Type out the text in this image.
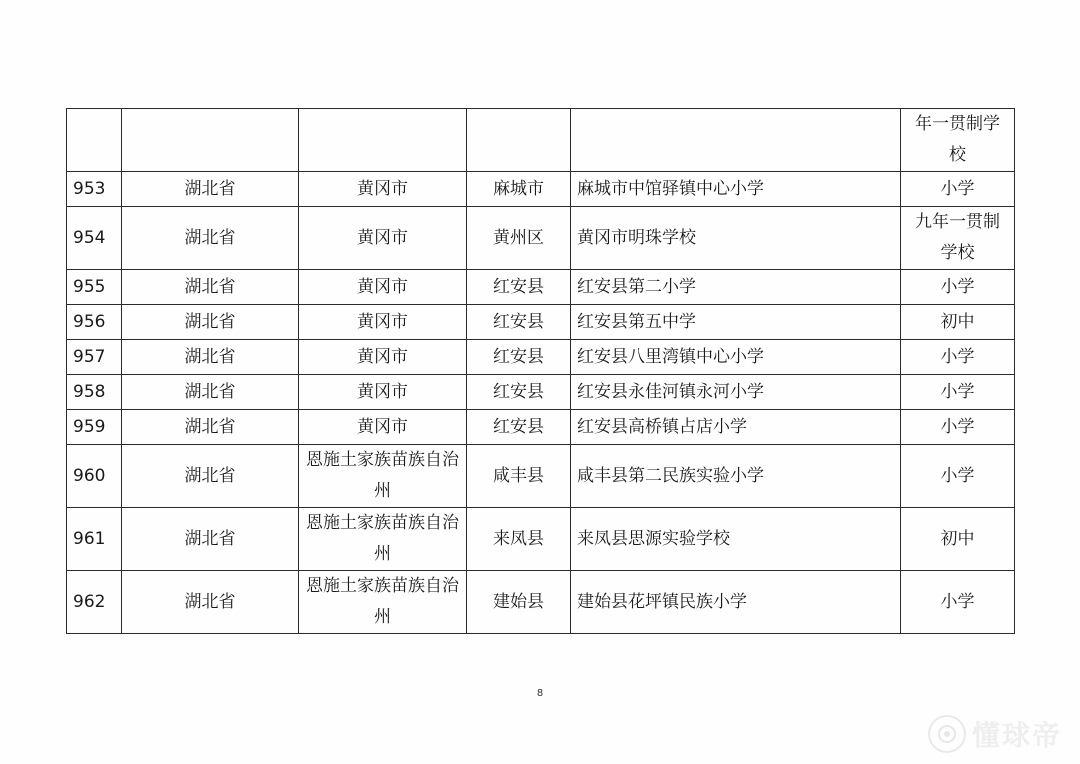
					年一贯制学校
953	湖北省	黄冈市	麻城市	麻城市中馆驿镇中心小学	小学
954	湖北省	黄冈市	黄州区	黄冈市明珠学校	九年一贯制学校
955	湖北省	黄冈市	红安县	红安县第二小学	小学
956	湖北省	黄冈市	红安县	红安县第五中学	初中
957	湖北省	黄冈市	红安县	红安县八里湾镇中心小学	小学
958	湖北省	黄冈市	红安县	红安县永佳河镇永河小学	小学
959	湖北省	黄冈市	红安县	红安县高桥镇占店小学	小学
960	湖北省	恩施土家族苗族自治州	咸丰县	咸丰县第二民族实验小学	小学
961	湖北省	恩施土家族苗族自治州	来凤县	来凤县思源实验学校	初中
962	湖北省	恩施土家族苗族自治州	建始县	建始县花坪镇民族小学	小学
8
懂球帝
